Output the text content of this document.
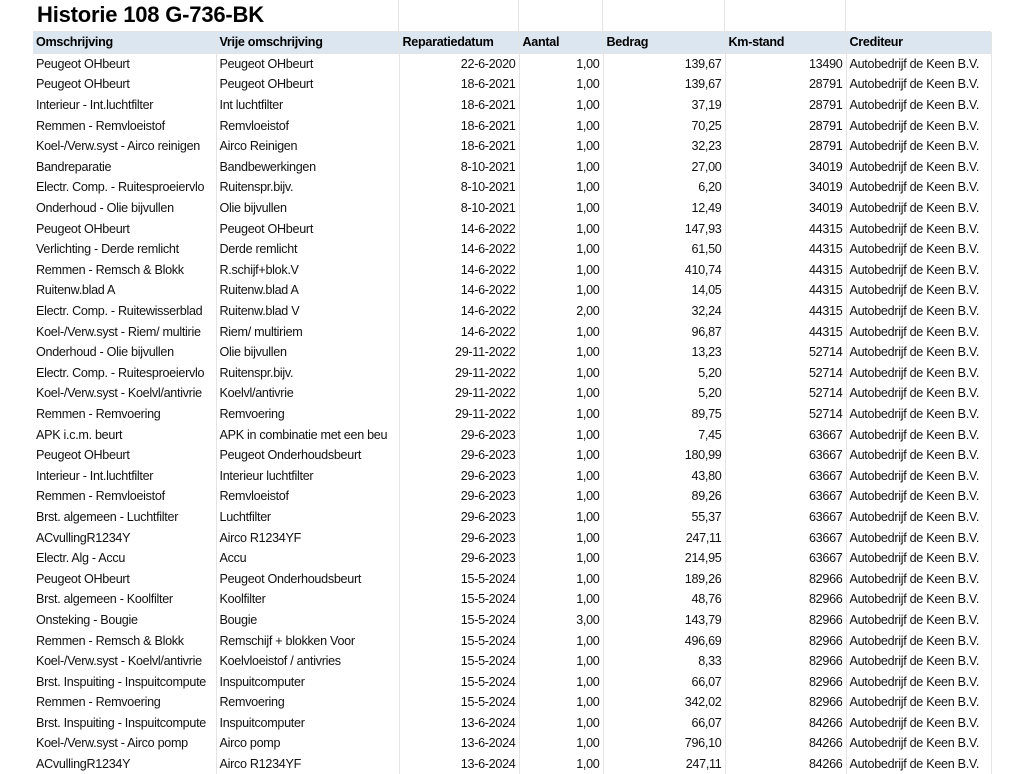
Historie 108 G-736-BK
Omschrijving	Vrije omschrijving	Reparatiedatum	Aantal	Bedrag	Km-stand	Crediteur
Peugeot OHbeurt	Peugeot OHbeurt	22-6-2020	1,00	139,67	13490	Autobedrijf de Keen B.V.
Peugeot OHbeurt	Peugeot OHbeurt	18-6-2021	1,00	139,67	28791	Autobedrijf de Keen B.V.
Interieur - Int.luchtfilter	Int luchtfilter	18-6-2021	1,00	37,19	28791	Autobedrijf de Keen B.V.
Remmen - Remvloeistof	Remvloeistof	18-6-2021	1,00	70,25	28791	Autobedrijf de Keen B.V.
Koel-/Verw.syst - Airco reinigen	Airco Reinigen	18-6-2021	1,00	32,23	28791	Autobedrijf de Keen B.V.
Bandreparatie	Bandbewerkingen	8-10-2021	1,00	27,00	34019	Autobedrijf de Keen B.V.
Electr. Comp. - Ruitesproeiervlo	Ruitenspr.bijv.	8-10-2021	1,00	6,20	34019	Autobedrijf de Keen B.V.
Onderhoud - Olie bijvullen	Olie bijvullen	8-10-2021	1,00	12,49	34019	Autobedrijf de Keen B.V.
Peugeot OHbeurt	Peugeot OHbeurt	14-6-2022	1,00	147,93	44315	Autobedrijf de Keen B.V.
Verlichting - Derde remlicht	Derde remlicht	14-6-2022	1,00	61,50	44315	Autobedrijf de Keen B.V.
Remmen - Remsch & Blokk	R.schijf+blok.V	14-6-2022	1,00	410,74	44315	Autobedrijf de Keen B.V.
Ruitenw.blad A	Ruitenw.blad A	14-6-2022	1,00	14,05	44315	Autobedrijf de Keen B.V.
Electr. Comp. - Ruitewisserblad	Ruitenw.blad V	14-6-2022	2,00	32,24	44315	Autobedrijf de Keen B.V.
Koel-/Verw.syst - Riem/ multirie	Riem/ multiriem	14-6-2022	1,00	96,87	44315	Autobedrijf de Keen B.V.
Onderhoud - Olie bijvullen	Olie bijvullen	29-11-2022	1,00	13,23	52714	Autobedrijf de Keen B.V.
Electr. Comp. - Ruitesproeiervlo	Ruitenspr.bijv.	29-11-2022	1,00	5,20	52714	Autobedrijf de Keen B.V.
Koel-/Verw.syst - Koelvl/antivrie	Koelvl/antivrie	29-11-2022	1,00	5,20	52714	Autobedrijf de Keen B.V.
Remmen - Remvoering	Remvoering	29-11-2022	1,00	89,75	52714	Autobedrijf de Keen B.V.
APK i.c.m. beurt	APK in combinatie met een beu	29-6-2023	1,00	7,45	63667	Autobedrijf de Keen B.V.
Peugeot OHbeurt	Peugeot Onderhoudsbeurt	29-6-2023	1,00	180,99	63667	Autobedrijf de Keen B.V.
Interieur - Int.luchtfilter	Interieur luchtfilter	29-6-2023	1,00	43,80	63667	Autobedrijf de Keen B.V.
Remmen - Remvloeistof	Remvloeistof	29-6-2023	1,00	89,26	63667	Autobedrijf de Keen B.V.
Brst. algemeen - Luchtfilter	Luchtfilter	29-6-2023	1,00	55,37	63667	Autobedrijf de Keen B.V.
ACvullingR1234Y	Airco R1234YF	29-6-2023	1,00	247,11	63667	Autobedrijf de Keen B.V.
Electr. Alg - Accu	Accu	29-6-2023	1,00	214,95	63667	Autobedrijf de Keen B.V.
Peugeot OHbeurt	Peugeot Onderhoudsbeurt	15-5-2024	1,00	189,26	82966	Autobedrijf de Keen B.V.
Brst. algemeen - Koolfilter	Koolfilter	15-5-2024	1,00	48,76	82966	Autobedrijf de Keen B.V.
Onsteking - Bougie	Bougie	15-5-2024	3,00	143,79	82966	Autobedrijf de Keen B.V.
Remmen - Remsch & Blokk	Remschijf + blokken Voor	15-5-2024	1,00	496,69	82966	Autobedrijf de Keen B.V.
Koel-/Verw.syst - Koelvl/antivrie	Koelvloeistof / antivries	15-5-2024	1,00	8,33	82966	Autobedrijf de Keen B.V.
Brst. Inspuiting - Inspuitcompute	Inspuitcomputer	15-5-2024	1,00	66,07	82966	Autobedrijf de Keen B.V.
Remmen - Remvoering	Remvoering	15-5-2024	1,00	342,02	82966	Autobedrijf de Keen B.V.
Brst. Inspuiting - Inspuitcompute	Inspuitcomputer	13-6-2024	1,00	66,07	84266	Autobedrijf de Keen B.V.
Koel-/Verw.syst - Airco pomp	Airco pomp	13-6-2024	1,00	796,10	84266	Autobedrijf de Keen B.V.
ACvullingR1234Y	Airco R1234YF	13-6-2024	1,00	247,11	84266	Autobedrijf de Keen B.V.
